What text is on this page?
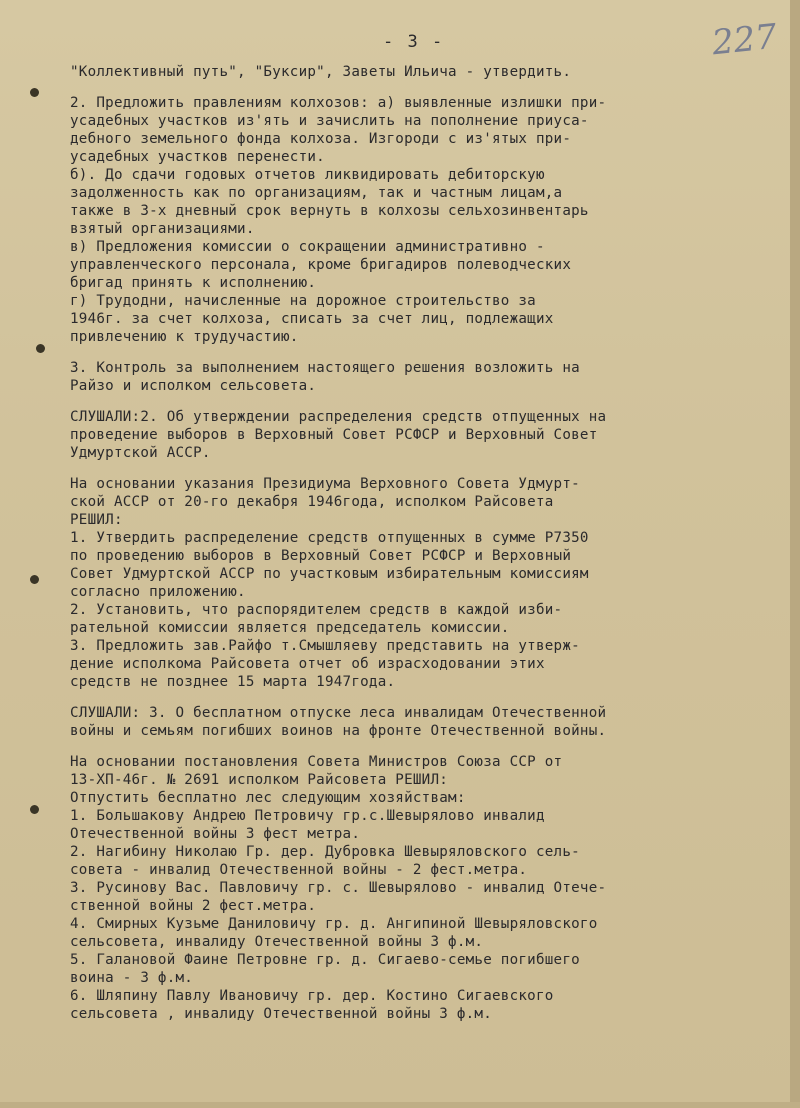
- 3 -	227
"Коллективный путь", "Буксир", Заветы Ильича - утвердить.
2. Предложить правлениям колхозов: а) выявленные излишки при-
усадебных участков из'ять и зачислить на пополнение приуса-
дебного земельного фонда колхоза. Изгороди с из'ятых при-
усадебных участков перенести.
б). До сдачи годовых отчетов ликвидировать дебиторскую
задолженность как по организациям, так и частным лицам,а
также в 3-х дневный срок вернуть в колхозы сельхозинвентарь
взятый организациями.
в) Предложения комиссии о сокращении административно -
управленческого персонала, кроме бригадиров полеводческих
бригад принять к исполнению.
г) Трудодни, начисленные на дорожное строительство за
1946г. за счет колхоза, списать за счет лиц, подлежащих
привлечению к трудучастию.
3. Контроль за выполнением настоящего решения возложить на
Райзо и исполком сельсовета.
СЛУШАЛИ:2. Об утверждении распределения средств отпущенных на
проведение выборов в Верховный Совет РСФСР и Верховный Совет
Удмуртской АССР.
На основании указания Президиума Верховного Совета Удмурт-
ской АССР от 20-го декабря 1946года, исполком Райсовета
РЕШИЛ:
1. Утвердить распределение средств отпущенных в сумме Р7350
по проведению выборов в Верховный Совет РСФСР и Верховный
Совет Удмуртской АССР по участковым избирательным комиссиям
согласно приложению.
2. Установить, что распорядителем средств в каждой изби-
рательной комиссии является председатель комиссии.
3. Предложить зав.Райфо т.Смышляеву представить на утверж-
дение исполкома Райсовета отчет об израсходовании этих
средств не позднее 15 марта 1947года.
СЛУШАЛИ: 3. О бесплатном отпуске леса инвалидам Отечественной
войны и семьям погибших воинов на фронте Отечественной войны.
На основании постановления Совета Министров Союза ССР от
13-ХП-46г. № 2691 исполком Райсовета РЕШИЛ:
Отпустить бесплатно лес следующим хозяйствам:
1. Большакову Андрею Петровичу гр.с.Шевырялово инвалид
Отечественной войны 3 фест метра.
2. Нагибину Николаю Гр. дер. Дубровка Шевыряловского сель-
совета - инвалид Отечественной войны - 2 фест.метра.
3. Русинову Вас. Павловичу гр. с. Шевырялово - инвалид Отече-
ственной войны 2 фест.метра.
4. Смирных Кузьме Даниловичу гр. д. Ангипиной Шевыряловского
сельсовета, инвалиду Отечественной войны 3 ф.м.
5. Галановой Фаине Петровне гр. д. Сигаево-семье погибшего
воина - 3 ф.м.
6. Шляпину Павлу Ивановичу гр. дер. Костино Сигаевского
сельсовета , инвалиду Отечественной войны 3 ф.м.
